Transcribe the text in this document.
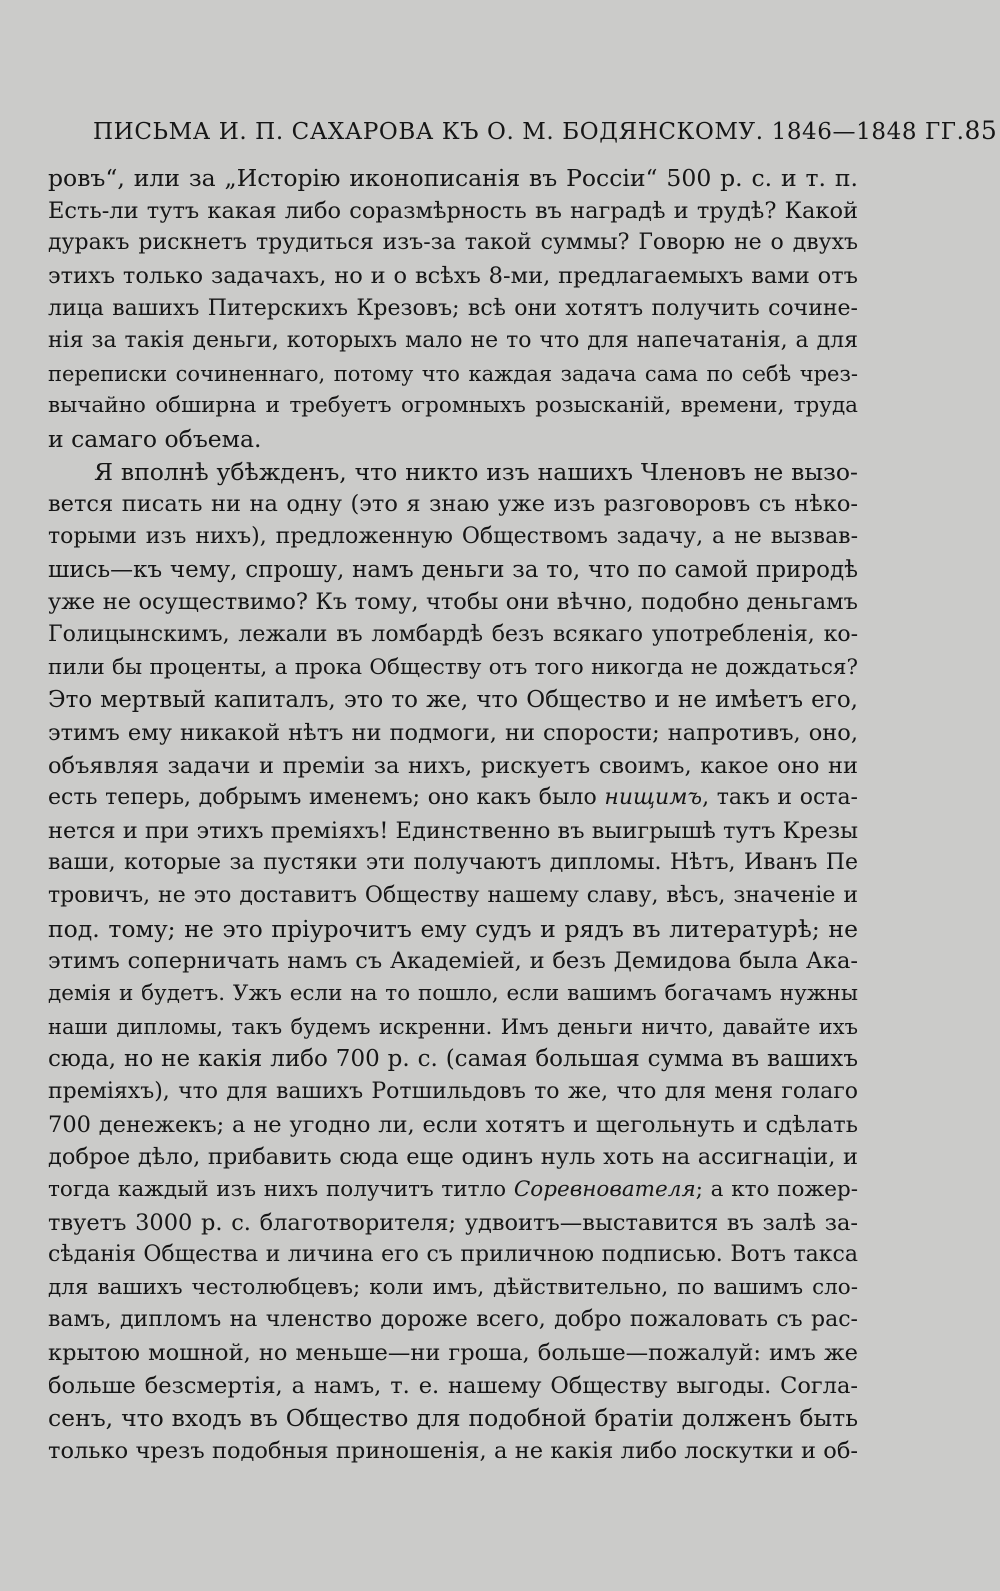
ПИСЬМА И. П. САХАРОВА КЪ О. М. БОДЯНСКОМУ. 1846—1848 ГГ. 85
ровъ“, или за „Исторію иконописанія въ Россіи“ 500 р. с. и т. п.
Есть-ли тутъ какая либо соразмѣрность въ наградѣ и трудѣ? Какой
дуракъ рискнетъ трудиться изъ-за такой суммы? Говорю не о двухъ
этихъ только задачахъ, но и о всѣхъ 8-ми, предлагаемыхъ вами отъ
лица вашихъ Питерскихъ Крезовъ; всѣ они хотятъ получить сочине-
нія за такія деньги, которыхъ мало не то что для напечатанія, а для
переписки сочиненнаго, потому что каждая задача сама по себѣ чрез-
вычайно обширна и требуетъ огромныхъ розысканій, времени, труда
и самаго объема.
Я вполнѣ убѣжденъ, что никто изъ нашихъ Членовъ не вызо-
вется писать ни на одну (это я знаю уже изъ разговоровъ съ нѣко-
торыми изъ нихъ), предложенную Обществомъ задачу, а не вызвав-
шись—къ чему, спрошу, намъ деньги за то, что по самой природѣ
уже не осуществимо? Къ тому, чтобы они вѣчно, подобно деньгамъ
Голицынскимъ, лежали въ ломбардѣ безъ всякаго употребленія, ко-
пили бы проценты, а прока Обществу отъ того никогда не дождаться?
Это мертвый капиталъ, это то же, что Общество и не имѣетъ его,
этимъ ему никакой нѣтъ ни подмоги, ни спорости; напротивъ, оно,
объявляя задачи и преміи за нихъ, рискуетъ своимъ, какое оно ни
есть теперь, добрымъ именемъ; оно какъ было нищимъ, такъ и оста-
нется и при этихъ преміяхъ! Единственно въ выигрышѣ тутъ Крезы
ваши, которые за пустяки эти получаютъ дипломы. Нѣтъ, Иванъ Пе
тровичъ, не это доставитъ Обществу нашему славу, вѣсъ, значеніе и
под. тому; не это пріурочитъ ему судъ и рядъ въ литературѣ; не
этимъ соперничать намъ съ Академіей, и безъ Демидова была Ака-
демія и будетъ. Ужъ если на то пошло, если вашимъ богачамъ нужны
наши дипломы, такъ будемъ искренни. Имъ деньги ничто, давайте ихъ
сюда, но не какія либо 700 р. с. (самая большая сумма въ вашихъ
преміяхъ), что для вашихъ Ротшильдовъ то же, что для меня голаго
700 денежекъ; а не угодно ли, если хотятъ и щегольнуть и сдѣлать
доброе дѣло, прибавить сюда еще одинъ нуль хоть на ассигнаціи, и
тогда каждый изъ нихъ получитъ титло Соревнователя; а кто пожер-
твуетъ 3000 р. с. благотворителя; удвоитъ—выставится въ залѣ за-
сѣданія Общества и личина его съ приличною подписью. Вотъ такса
для вашихъ честолюбцевъ; коли имъ, дѣйствительно, по вашимъ сло-
вамъ, дипломъ на членство дороже всего, добро пожаловать съ рас-
крытою мошной, но меньше—ни гроша, больше—пожалуй: имъ же
больше безсмертія, а намъ, т. е. нашему Обществу выгоды. Согла-
сенъ, что входъ въ Общество для подобной братіи долженъ быть
только чрезъ подобныя приношенія, а не какія либо лоскутки и об-
